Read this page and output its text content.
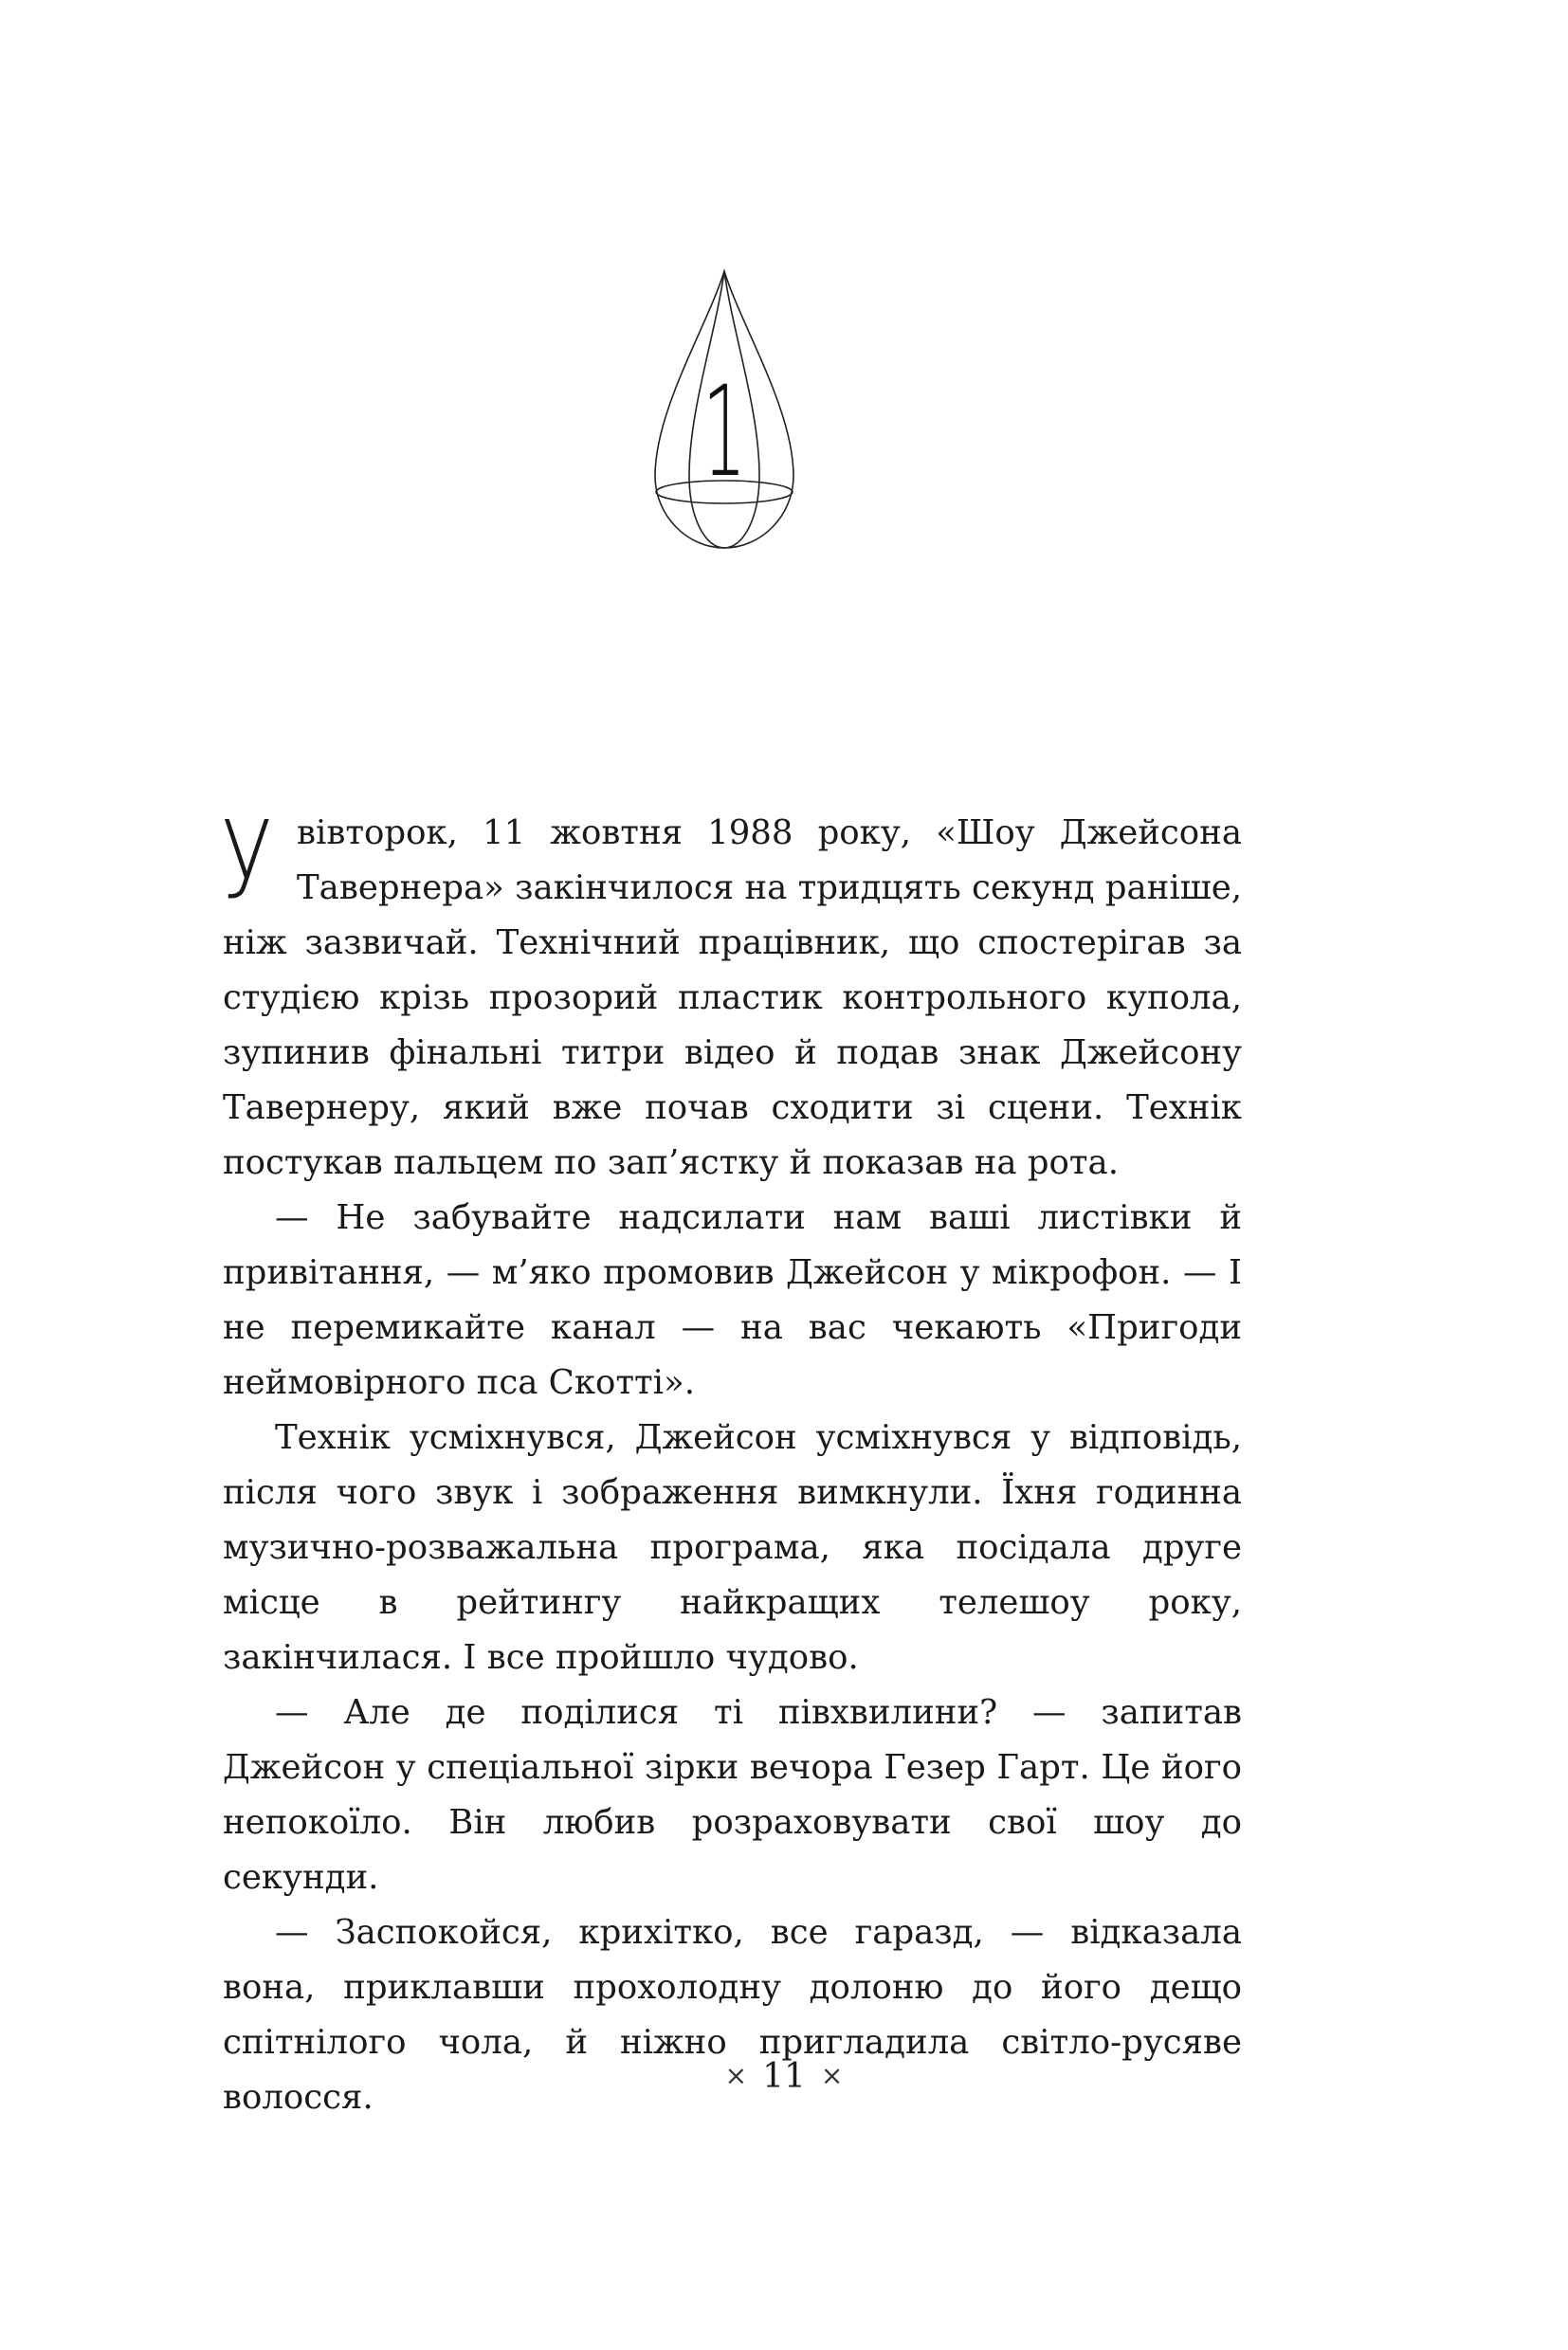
1

У вівторок, 11 жовтня 1988 року, «Шоу Джейсона Тавернера» закінчилося на тридцять секунд раніше, ніж зазвичай. Технічний працівник, що спостерігав за студією крізь прозорий пластик контрольного купола, зупинив фінальні титри відео й подав знак Джейсону Тавернеру, який вже почав сходити зі сцени. Технік постукав пальцем по зап’ястку й показав на рота.

— Не забувайте надсилати нам ваші листівки й привітання, — м’яко промовив Джейсон у мікрофон. — І не перемикайте канал — на вас чекають «Пригоди неймовірного пса Скотті».

Технік усміхнувся, Джейсон усміхнувся у відповідь, після чого звук і зображення вимкнули. Їхня годинна музично-розважальна програма, яка посідала друге місце в рейтингу найкращих телешоу року, закінчилася. І все пройшло чудово.

— Але де поділися ті півхвилини? — запитав Джейсон у спеціальної зірки вечора Гезер Гарт. Це його непокоїло. Він любив розраховувати свої шоу до секунди.

— Заспокойся, крихітко, все гаразд, — відказала вона, приклавши прохолодну долоню до його дещо спітнілого чола, й ніжно пригладила світло-русяве волосся.

× 11 ×
